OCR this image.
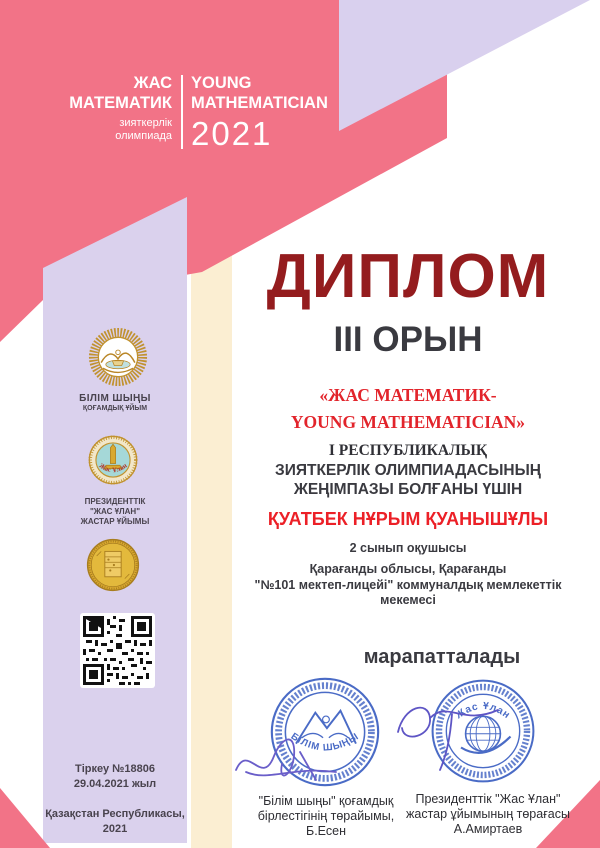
ЖАС
МАТЕМАТИК
зияткерлік
олимпиада
YOUNG
MATHEMATICIAN
2021
БІЛІМ ШЫҢЫ
ҚОҒАМДЫҚ ҰЙЫМ
Жас Ұлан
ПРЕЗИДЕНТТІК
"ЖАС ҰЛАН"
ЖАСТАР ҰЙЫМЫ
Тіркеу №18806
29.04.2021 жыл
Қазақстан Республикасы,
2021
ДИПЛОМ
III ОРЫН

«ЖАС МАТЕМАТИК-
YOUNG MATHEMATICIAN»

І РЕСПУБЛИКАЛЫҚ

ЗИЯТКЕРЛІК ОЛИМПИАДАСЫНЫҢ
ЖЕҢІМПАЗЫ БОЛҒАНЫ ҮШІН

ҚУАТБЕК НҰРЫМ ҚУАНЫШҰЛЫ

2 сынып оқушысы

Қарағанды облысы, Қарағанды
"№101 мектеп-лицейі" коммуналдық мемлекеттік
мекемесі

марапатталады

БІЛІМ ШЫҢЫ
"Білім шыңы" қоғамдық
бірлестігінің төрайымы,
Б.Есен
Жас Ұлан
Президенттік "Жас Ұлан"
жастар ұйымының төрағасы
А.Амиртаев
